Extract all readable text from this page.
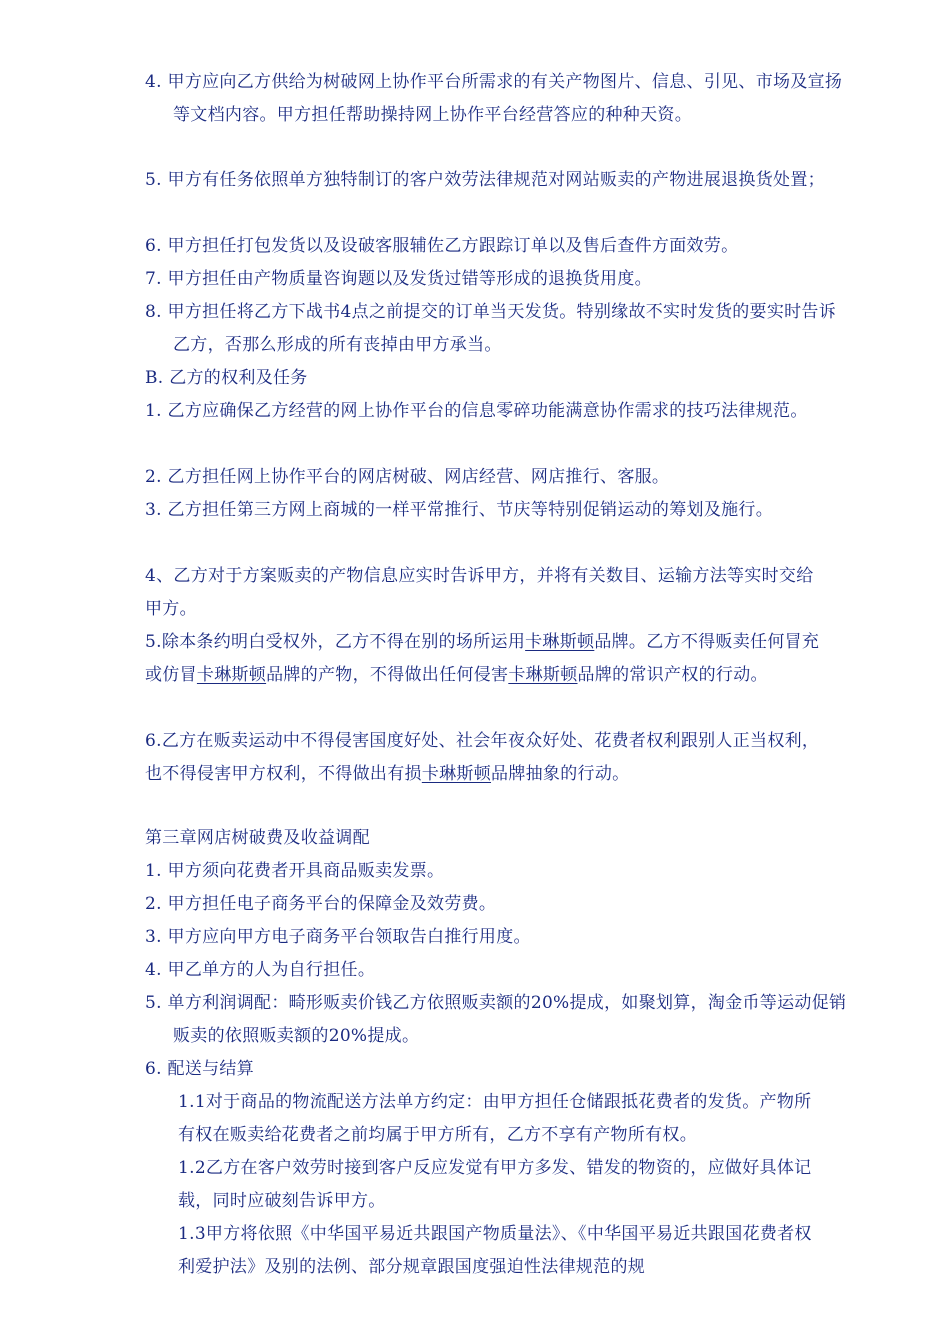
4. 甲方应向乙方供给为树破网上协作平台所需求的有关产物图片、信息、引见、市场及宣扬等文档内容。甲方担任帮助操持网上协作平台经营答应的种种天资。

5. 甲方有任务依照单方独特制订的客户效劳法律规范对网站贩卖的产物进展退换货处置；

6. 甲方担任打包发货以及设破客服辅佐乙方跟踪订单以及售后查件方面效劳。

7. 甲方担任由产物质量咨询题以及发货过错等形成的退换货用度。

8. 甲方担任将乙方下战书4点之前提交的订单当天发货。特别缘故不实时发货的要实时告诉乙方，否那么形成的所有丧掉由甲方承当。

B. 乙方的权利及任务

1. 乙方应确保乙方经营的网上协作平台的信息零碎功能满意协作需求的技巧法律规范。

2. 乙方担任网上协作平台的网店树破、网店经营、网店推行、客服。

3. 乙方担任第三方网上商城的一样平常推行、节庆等特别促销运动的筹划及施行。

4、乙方对于方案贩卖的产物信息应实时告诉甲方，并将有关数目、运输方法等实时交给甲方。

5.除本条约明白受权外，乙方不得在别的场所运用卡琳斯顿品牌。乙方不得贩卖任何冒充或仿冒卡琳斯顿品牌的产物，不得做出任何侵害卡琳斯顿品牌的常识产权的行动。

6.乙方在贩卖运动中不得侵害国度好处、社会年夜众好处、花费者权利跟别人正当权利，也不得侵害甲方权利，不得做出有损卡琳斯顿品牌抽象的行动。

第三章网店树破费及收益调配

1. 甲方须向花费者开具商品贩卖发票。

2. 甲方担任电子商务平台的保障金及效劳费。

3. 甲方应向甲方电子商务平台领取告白推行用度。

4. 甲乙单方的人为自行担任。

5. 单方利润调配：畸形贩卖价钱乙方依照贩卖额的20%提成，如聚划算，淘金币等运动促销贩卖的依照贩卖额的20%提成。

6. 配送与结算

1.1对于商品的物流配送方法单方约定：由甲方担任仓储跟抵花费者的发货。产物所有权在贩卖给花费者之前均属于甲方所有，乙方不享有产物所有权。

1.2乙方在客户效劳时接到客户反应发觉有甲方多发、错发的物资的，应做好具体记载，同时应破刻告诉甲方。

1.3甲方将依照《中华国平易近共跟国产物质量法》、《中华国平易近共跟国花费者权利爱护法》及别的法例、部分规章跟国度强迫性法律规范的规
